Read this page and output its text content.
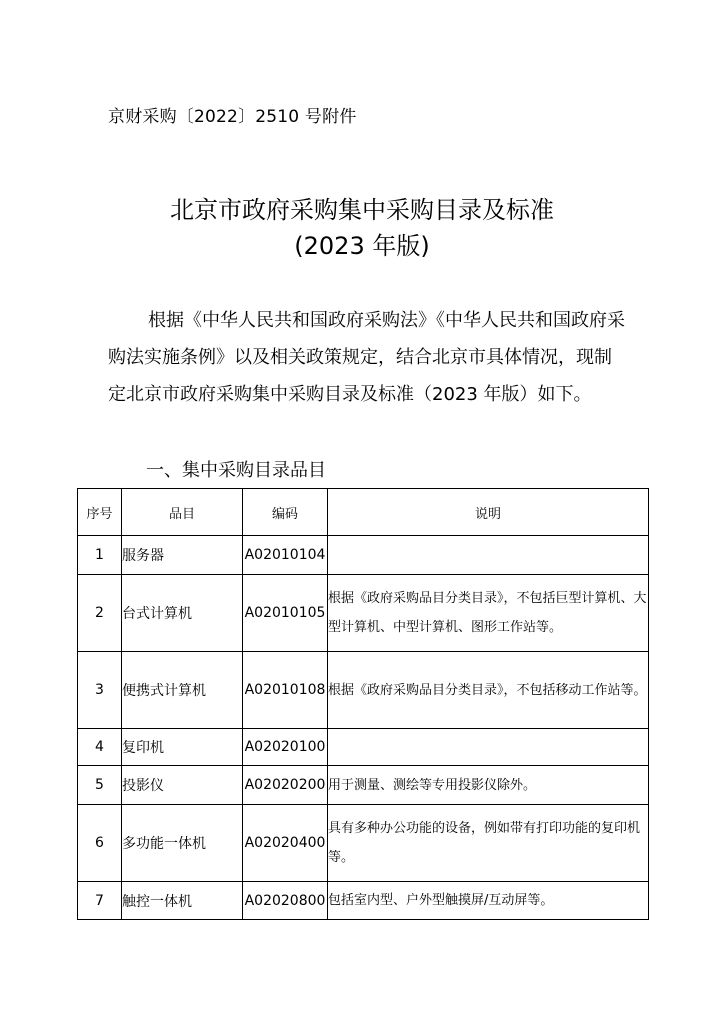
京财采购〔2022〕2510 号附件
北京市政府采购集中采购目录及标准
(2023 年版)
根据《中华人民共和国政府采购法》《中华人民共和国政府采购法实施条例》以及相关政策规定，结合北京市具体情况，现制定北京市政府采购集中采购目录及标准（2023 年版）如下。
一、集中采购目录品目
序号	品目	编码	说明
1	服务器	A02010104	
2	台式计算机	A02010105	根据《政府采购品目分类目录》，不包括巨型计算机、大型计算机、中型计算机、图形工作站等。
3	便携式计算机	A02010108	根据《政府采购品目分类目录》，不包括移动工作站等。
4	复印机	A02020100	
5	投影仪	A02020200	用于测量、测绘等专用投影仪除外。
6	多功能一体机	A02020400	具有多种办公功能的设备，例如带有打印功能的复印机等。
7	触控一体机	A02020800	包括室内型、户外型触摸屏/互动屏等。
